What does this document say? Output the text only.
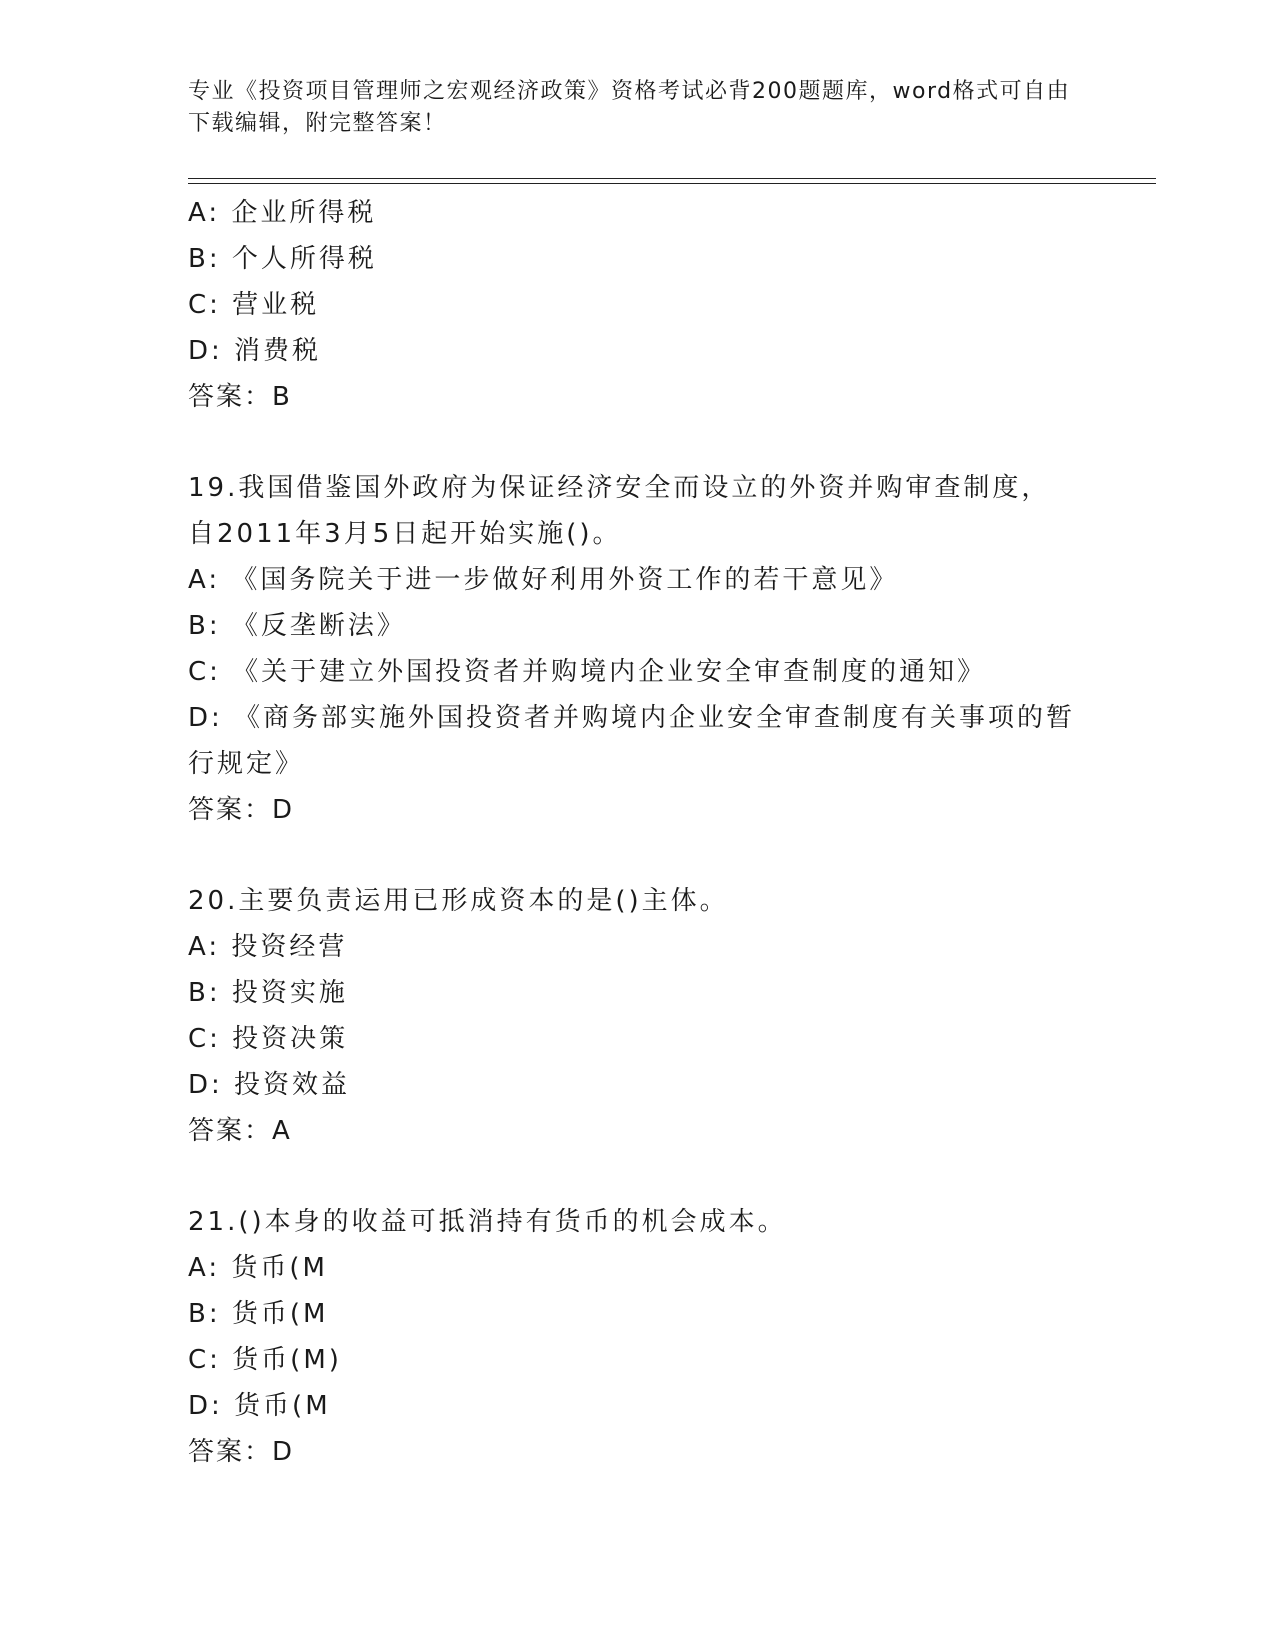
专业《投资项目管理师之宏观经济政策》资格考试必背200题题库，word格式可自由下载编辑，附完整答案！
A: 企业所得税
B: 个人所得税
C: 营业税
D: 消费税
答案：B
19.我国借鉴国外政府为保证经济安全而设立的外资并购审查制度，自2011年3月5日起开始实施()。
A: 《国务院关于进一步做好利用外资工作的若干意见》
B: 《反垄断法》
C: 《关于建立外国投资者并购境内企业安全审查制度的通知》
D: 《商务部实施外国投资者并购境内企业安全审查制度有关事项的暂行规定》
答案：D
20.主要负责运用已形成资本的是()主体。
A: 投资经营
B: 投资实施
C: 投资决策
D: 投资效益
答案：A
21.()本身的收益可抵消持有货币的机会成本。
A: 货币(M
B: 货币(M
C: 货币(M)
D: 货币(M
答案：D
